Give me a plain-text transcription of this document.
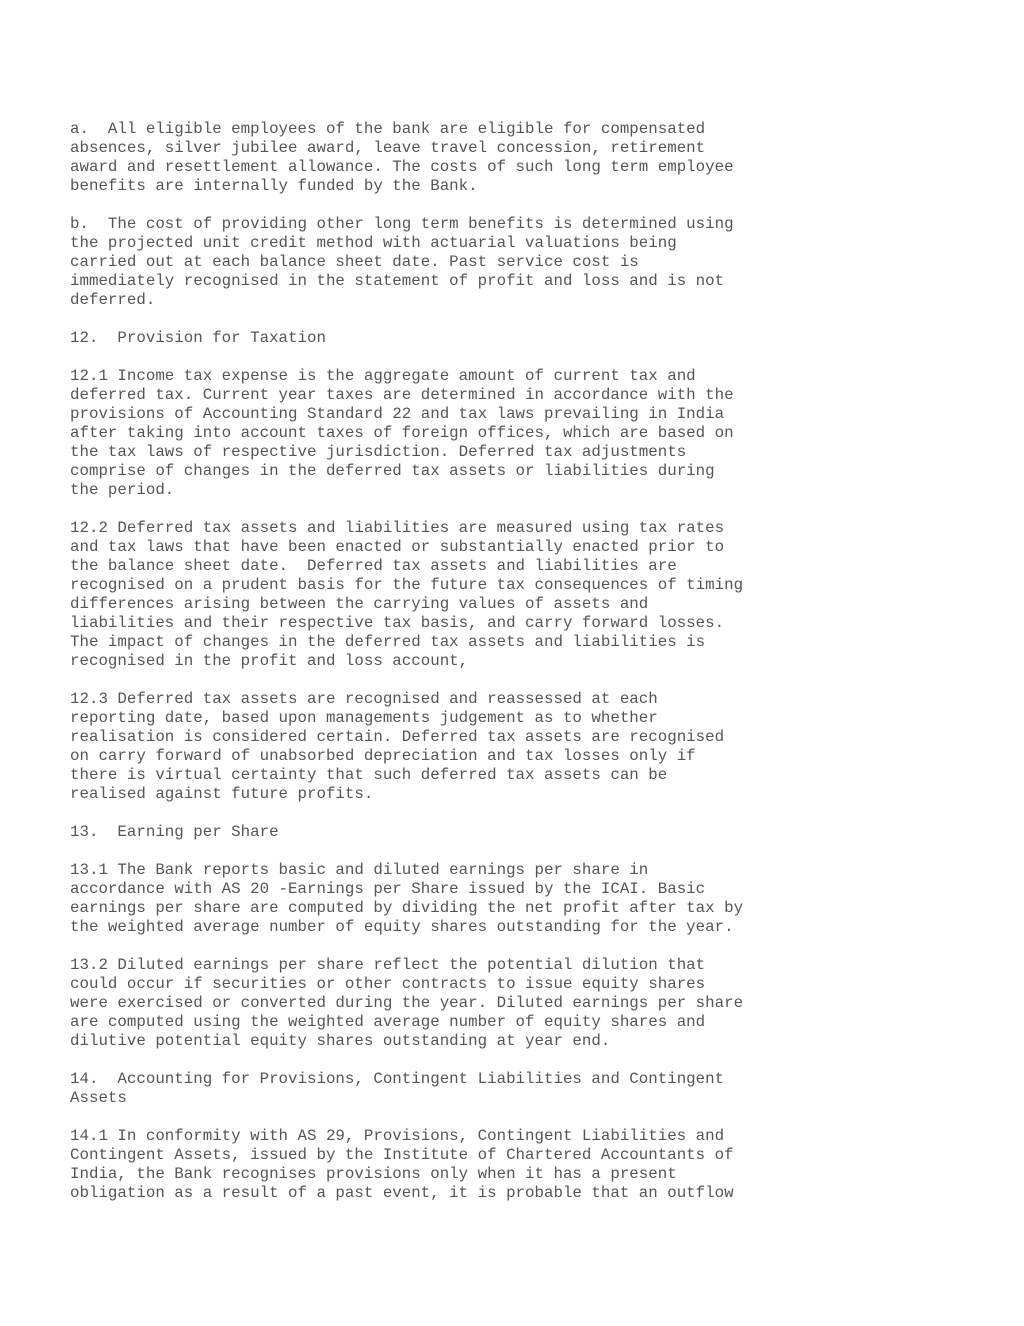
a.  All eligible employees of the bank are eligible for compensated
absences, silver jubilee award, leave travel concession, retirement
award and resettlement allowance. The costs of such long term employee
benefits are internally funded by the Bank.

b.  The cost of providing other long term benefits is determined using
the projected unit credit method with actuarial valuations being
carried out at each balance sheet date. Past service cost is
immediately recognised in the statement of profit and loss and is not
deferred.

12.  Provision for Taxation

12.1 Income tax expense is the aggregate amount of current tax and
deferred tax. Current year taxes are determined in accordance with the
provisions of Accounting Standard 22 and tax laws prevailing in India
after taking into account taxes of foreign offices, which are based on
the tax laws of respective jurisdiction. Deferred tax adjustments
comprise of changes in the deferred tax assets or liabilities during
the period.

12.2 Deferred tax assets and liabilities are measured using tax rates
and tax laws that have been enacted or substantially enacted prior to
the balance sheet date.  Deferred tax assets and liabilities are
recognised on a prudent basis for the future tax consequences of timing
differences arising between the carrying values of assets and
liabilities and their respective tax basis, and carry forward losses.
The impact of changes in the deferred tax assets and liabilities is
recognised in the profit and loss account,

12.3 Deferred tax assets are recognised and reassessed at each
reporting date, based upon managements judgement as to whether
realisation is considered certain. Deferred tax assets are recognised
on carry forward of unabsorbed depreciation and tax losses only if
there is virtual certainty that such deferred tax assets can be
realised against future profits.

13.  Earning per Share

13.1 The Bank reports basic and diluted earnings per share in
accordance with AS 20 -Earnings per Share issued by the ICAI. Basic
earnings per share are computed by dividing the net profit after tax by
the weighted average number of equity shares outstanding for the year.

13.2 Diluted earnings per share reflect the potential dilution that
could occur if securities or other contracts to issue equity shares
were exercised or converted during the year. Diluted earnings per share
are computed using the weighted average number of equity shares and
dilutive potential equity shares outstanding at year end.

14.  Accounting for Provisions, Contingent Liabilities and Contingent
Assets

14.1 In conformity with AS 29, Provisions, Contingent Liabilities and
Contingent Assets, issued by the Institute of Chartered Accountants of
India, the Bank recognises provisions only when it has a present
obligation as a result of a past event, it is probable that an outflow
